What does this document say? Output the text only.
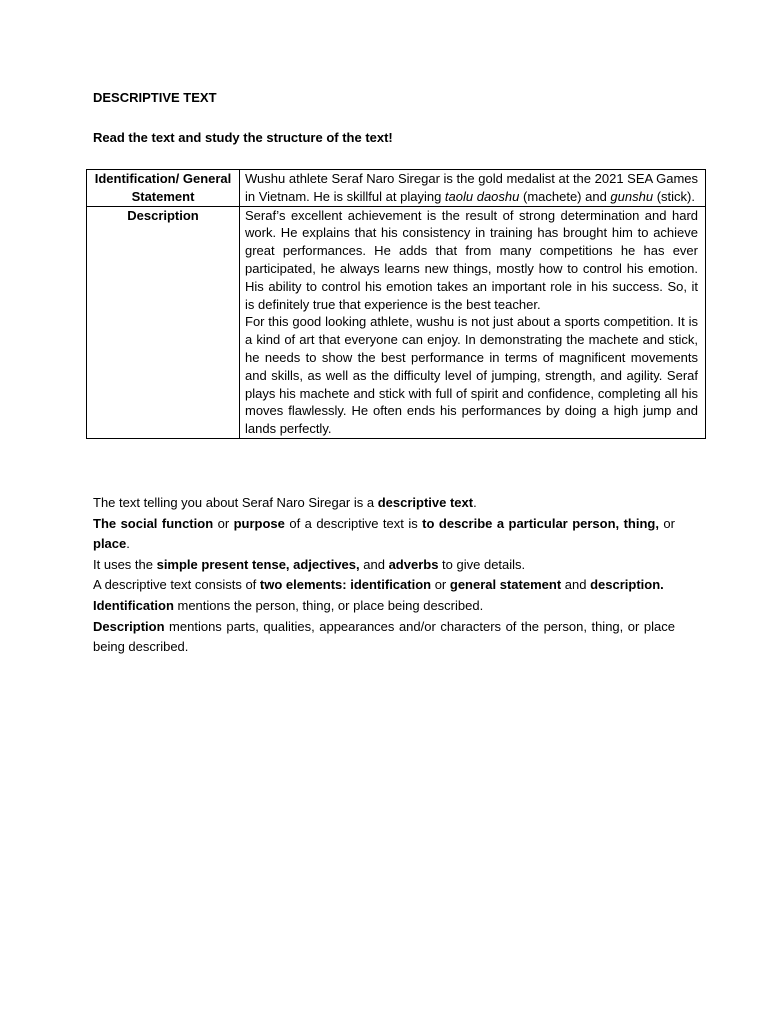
DESCRIPTIVE TEXT

Read the text and study the structure of the text!

Identification/ General Statement	Wushu athlete Seraf Naro Siregar is the gold medalist at the 2021 SEA Games in Vietnam. He is skillful at playing taolu daoshu (machete) and gunshu (stick).

Description	Seraf’s excellent achievement is the result of strong determination and hard work. He explains that his consistency in training has brought him to achieve great performances. He adds that from many competitions he has ever participated, he always learns new things, mostly how to control his emotion. His ability to control his emotion takes an important role in his success. So, it is definitely true that experience is the best teacher.

For this good looking athlete, wushu is not just about a sports competition. It is a kind of art that everyone can enjoy. In demonstrating the machete and stick, he needs to show the best performance in terms of magnificent movements and skills, as well as the difficulty level of jumping, strength, and agility. Seraf plays his machete and stick with full of spirit and confidence, completing all his moves flawlessly. He often ends his performances by doing a high jump and lands perfectly.

The text telling you about Seraf Naro Siregar is a descriptive text.

The social function or purpose of a descriptive text is to describe a particular person, thing, or place.

It uses the simple present tense, adjectives, and adverbs to give details.

A descriptive text consists of two elements: identification or general statement and description.

Identification mentions the person, thing, or place being described.

Description mentions parts, qualities, appearances and/or characters of the person, thing, or place being described.
